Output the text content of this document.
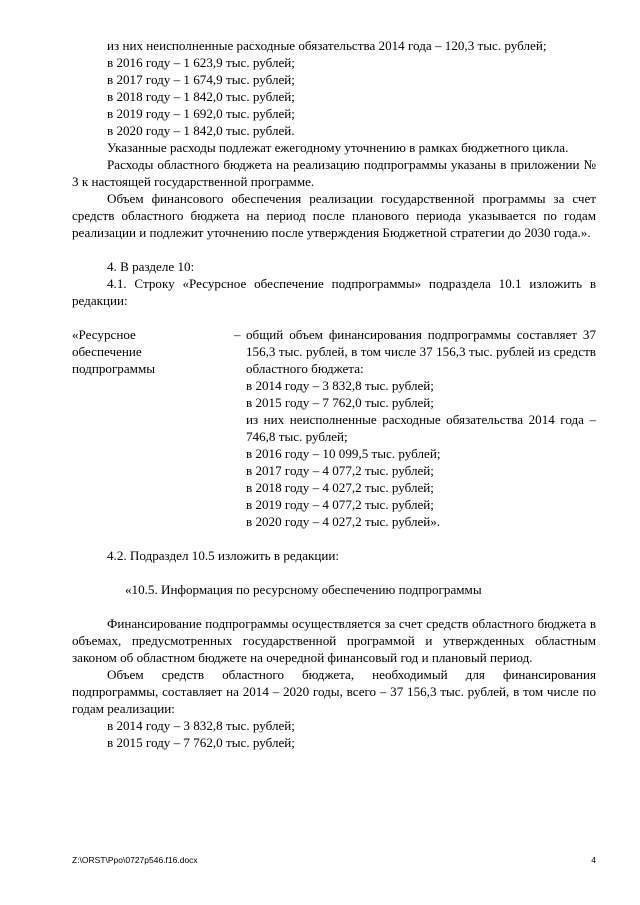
из них неисполненные расходные обязательства 2014 года – 120,3 тыс. рублей;

в 2016 году – 1 623,9 тыс. рублей;

в 2017 году – 1 674,9 тыс. рублей;

в 2018 году – 1 842,0 тыс. рублей;

в 2019 году – 1 692,0 тыс. рублей;

в 2020 году – 1 842,0 тыс. рублей.

Указанные расходы подлежат ежегодному уточнению в рамках бюджетного цикла.

Расходы областного бюджета на реализацию подпрограммы указаны в приложении № 3 к настоящей государственной программе.

Объем финансового обеспечения реализации государственной программы за счет средств областного бюджета на период после планового периода указывается по годам реализации и подлежит уточнению после утверждения Бюджетной стратегии до 2030 года.».

4. В разделе 10:

4.1. Строку «Ресурсное обеспечение подпрограммы» подраздела 10.1 изложить в редакции:

«Ресурсное
обеспечение
подпрограммы
– общий объем финансирования подпрограммы составляет 37 156,3 тыс. рублей, в том числе 37 156,3 тыс. рублей из средств областного бюджета:

в 2014 году – 3 832,8 тыс. рублей;

в 2015 году – 7 762,0 тыс. рублей;

из них неисполненные расходные обязательства 2014 года – 746,8 тыс. рублей;

в 2016 году – 10 099,5 тыс. рублей;

в 2017 году – 4 077,2 тыс. рублей;

в 2018 году – 4 027,2 тыс. рублей;

в 2019 году – 4 077,2 тыс. рублей;

в 2020 году – 4 027,2 тыс. рублей».

4.2. Подраздел 10.5 изложить в редакции:

«10.5. Информация по ресурсному обеспечению подпрограммы

Финансирование подпрограммы осуществляется за счет средств областного бюджета в объемах, предусмотренных государственной программой и утвержденных областным законом об областном бюджете на очередной финансовый год и плановый период.

Объем средств областного бюджета, необходимый для финансирования подпрограммы, составляет на 2014 – 2020 годы, всего – 37 156,3 тыс. рублей, в том числе по годам реализации:

в 2014 году – 3 832,8 тыс. рублей;

в 2015 году – 7 762,0 тыс. рублей;

Z:\ORST\Ppo\0727p546.f16.docx	4
